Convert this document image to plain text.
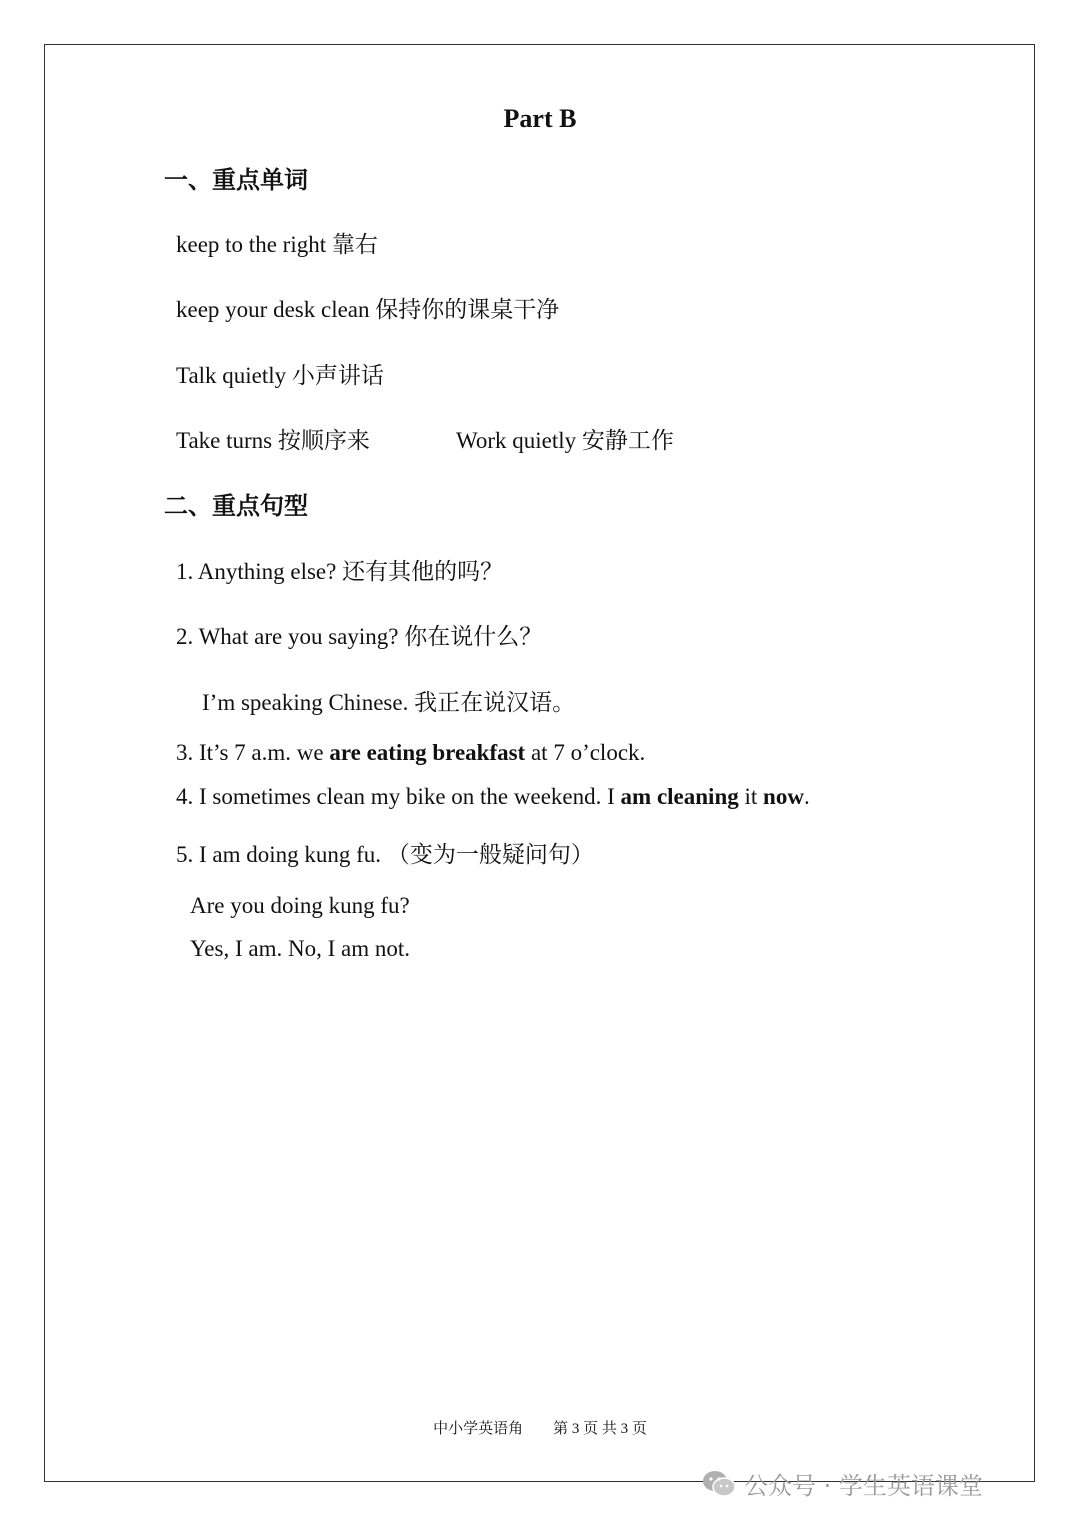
Part B
一、重点单词
keep to the right 靠右
keep your desk clean 保持你的课桌干净
Talk quietly 小声讲话
Take turns 按顺序来	Work quietly 安静工作
二、重点句型
1. Anything else? 还有其他的吗？
2. What are you saying? 你在说什么？
I’m speaking Chinese. 我正在说汉语。
3. It’s 7 a.m. we are eating breakfast at 7 o’clock.
4. I sometimes clean my bike on the weekend. I am cleaning it now.
5. I am doing kung fu. （变为一般疑问句）
Are you doing kung fu?
Yes, I am. No, I am not.
中小学英语角 第 3 页 共 3 页
公众号 · 学生英语课堂
